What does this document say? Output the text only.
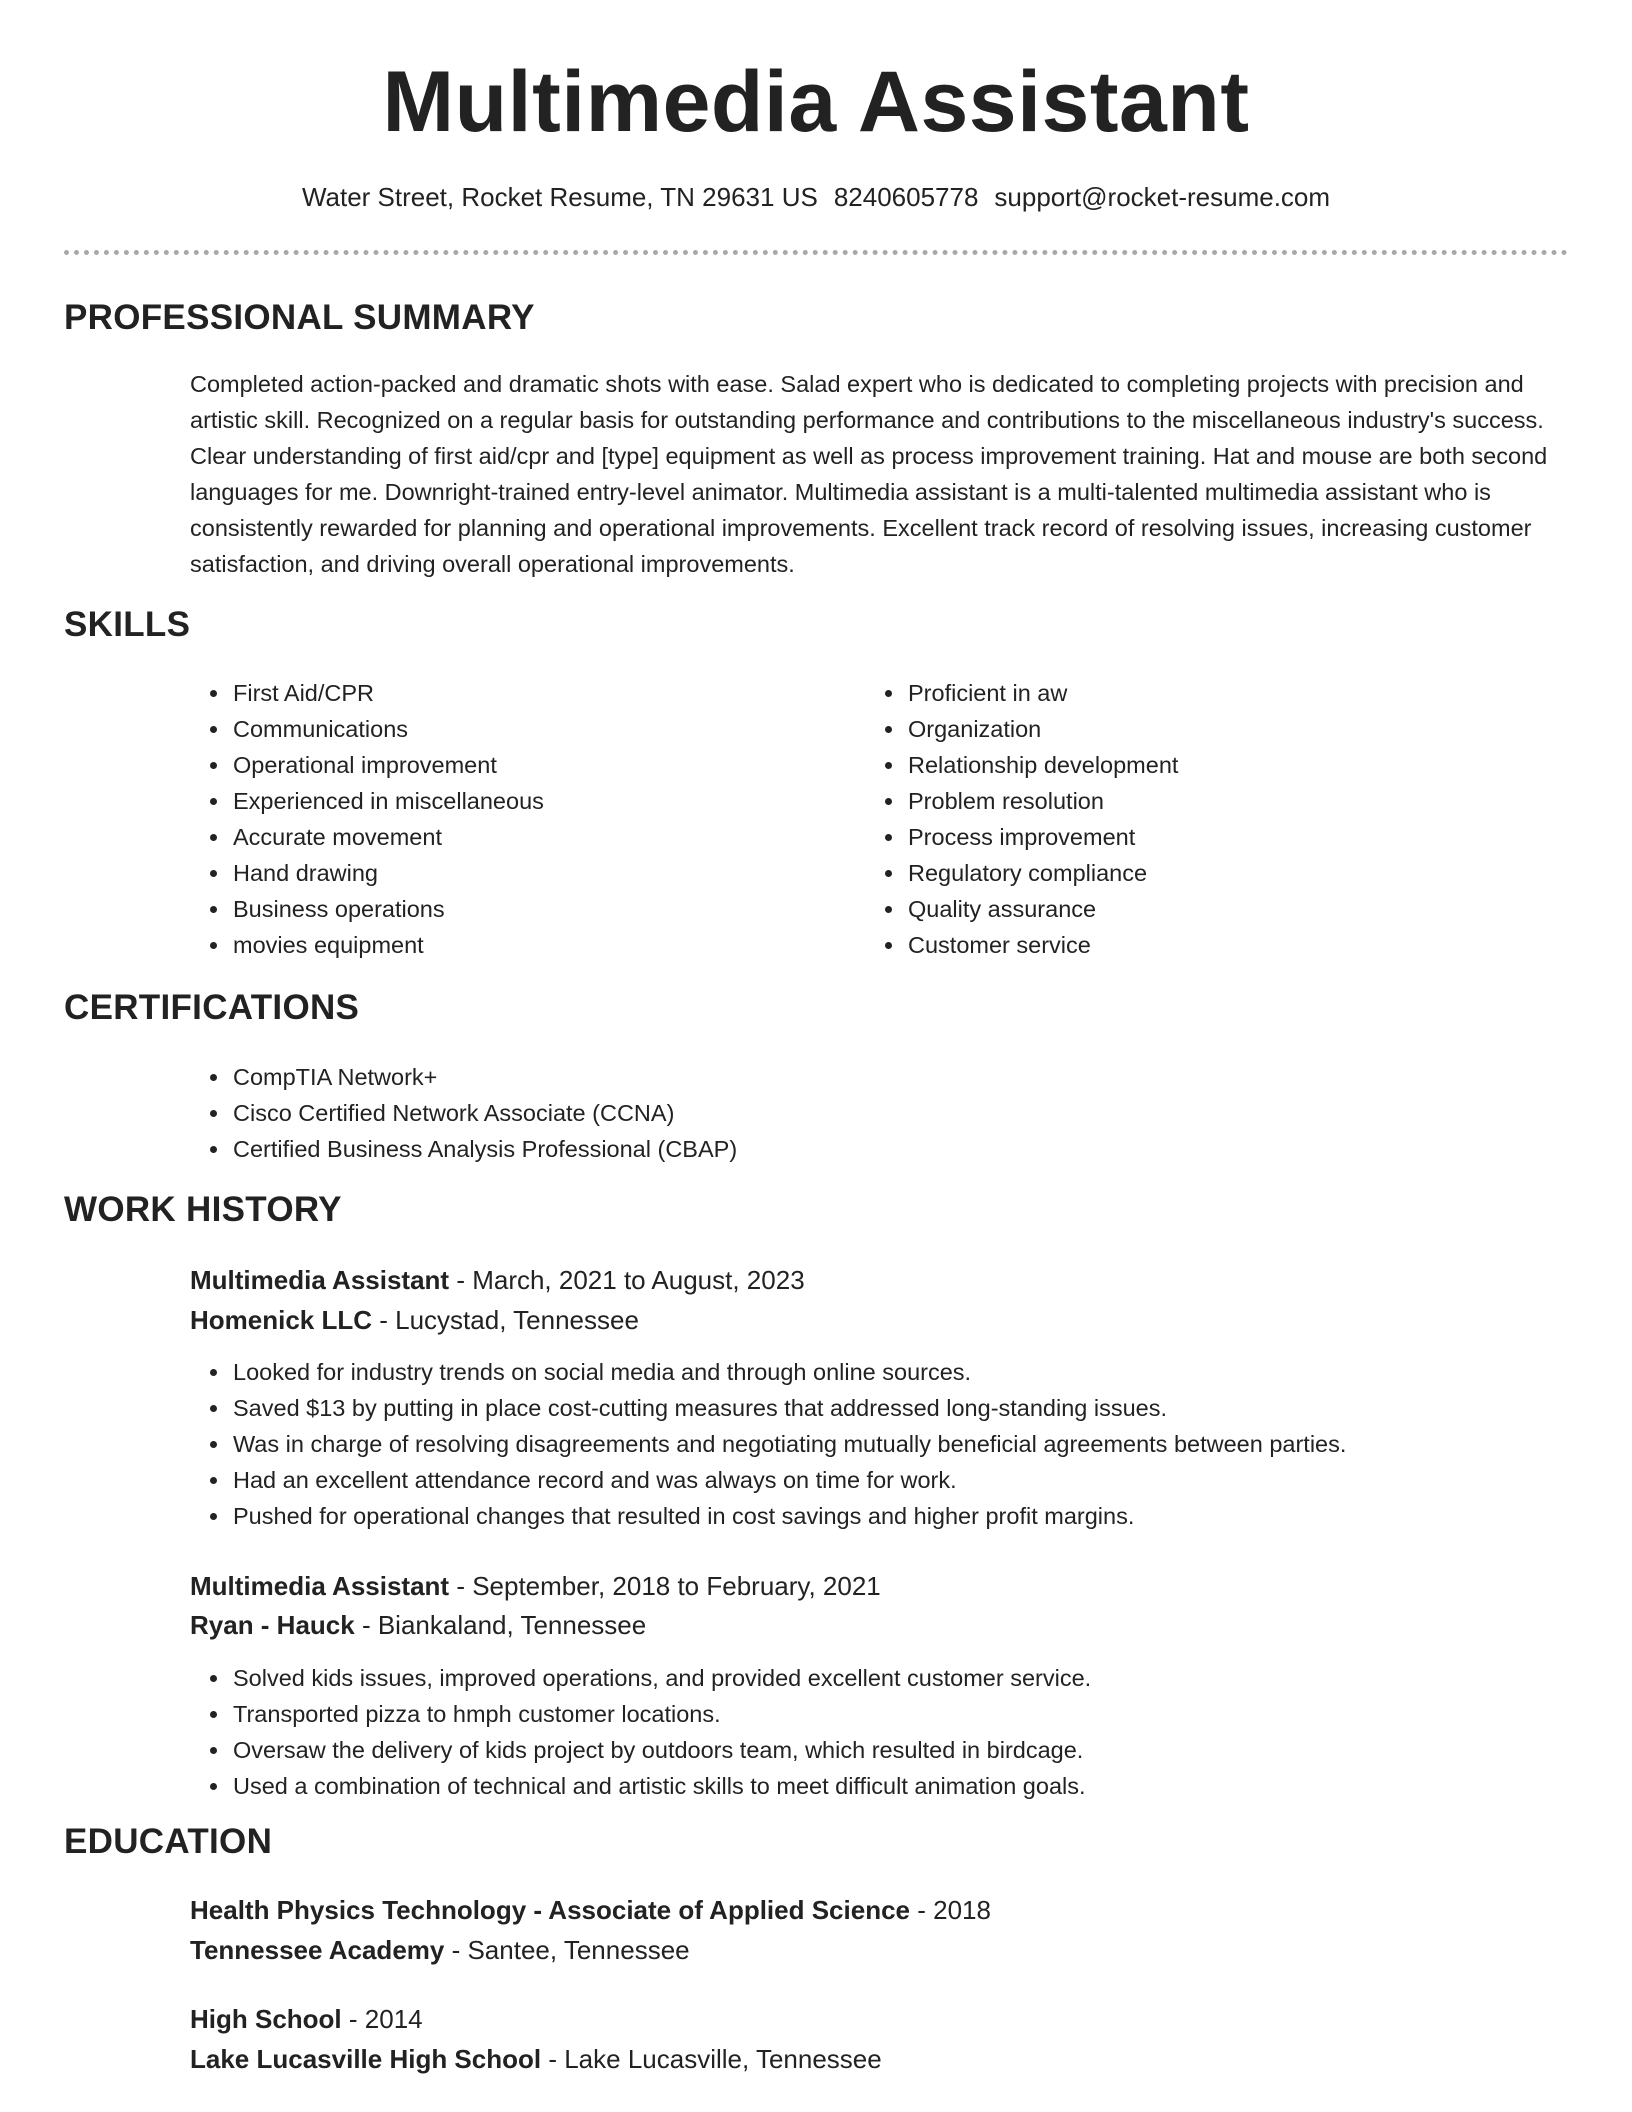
Multimedia Assistant
Water Street, Rocket Resume, TN 29631 US 8240605778 support@rocket-resume.com
PROFESSIONAL SUMMARY
Completed action-packed and dramatic shots with ease. Salad expert who is dedicated to completing projects with precision and artistic skill. Recognized on a regular basis for outstanding performance and contributions to the miscellaneous industry's success. Clear understanding of first aid/cpr and [type] equipment as well as process improvement training. Hat and mouse are both second languages for me. Downright-trained entry-level animator. Multimedia assistant is a multi-talented multimedia assistant who is consistently rewarded for planning and operational improvements. Excellent track record of resolving issues, increasing customer satisfaction, and driving overall operational improvements.
SKILLS
• First Aid/CPR
• Communications
• Operational improvement
• Experienced in miscellaneous
• Accurate movement
• Hand drawing
• Business operations
• movies equipment
• Proficient in aw
• Organization
• Relationship development
• Problem resolution
• Process improvement
• Regulatory compliance
• Quality assurance
• Customer service
CERTIFICATIONS
• CompTIA Network+
• Cisco Certified Network Associate (CCNA)
• Certified Business Analysis Professional (CBAP)
WORK HISTORY
Multimedia Assistant - March, 2021 to August, 2023
Homenick LLC - Lucystad, Tennessee
• Looked for industry trends on social media and through online sources.
• Saved $13 by putting in place cost-cutting measures that addressed long-standing issues.
• Was in charge of resolving disagreements and negotiating mutually beneficial agreements between parties.
• Had an excellent attendance record and was always on time for work.
• Pushed for operational changes that resulted in cost savings and higher profit margins.
Multimedia Assistant - September, 2018 to February, 2021
Ryan - Hauck - Biankaland, Tennessee
• Solved kids issues, improved operations, and provided excellent customer service.
• Transported pizza to hmph customer locations.
• Oversaw the delivery of kids project by outdoors team, which resulted in birdcage.
• Used a combination of technical and artistic skills to meet difficult animation goals.
EDUCATION
Health Physics Technology - Associate of Applied Science - 2018
Tennessee Academy - Santee, Tennessee
High School - 2014
Lake Lucasville High School - Lake Lucasville, Tennessee
